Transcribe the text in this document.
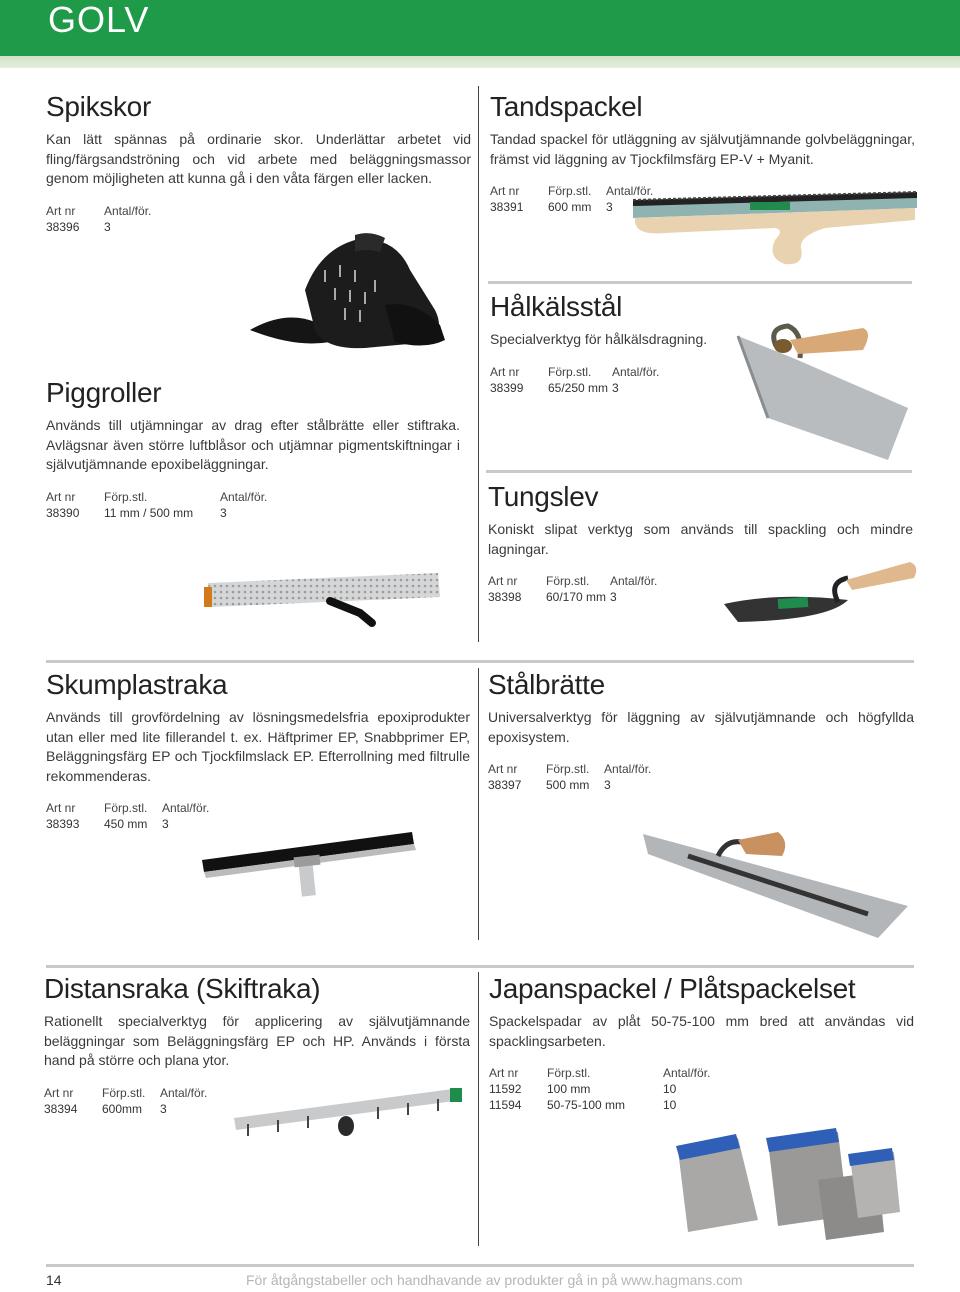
GOLV
Spikskor

Kan lätt spännas på ordinarie skor. Underlättar arbetet vid fling/färgsandströning och vid arbete med beläggningsmassor genom möjligheten att kunna gå i den våta färgen eller lacken.

Art nr Antal/för.
38396 3
Tandspackel

Tandad spackel för utläggning av självutjämnande golvbeläggningar, främst vid läggning av Tjockfilmsfärg EP-V + Myanit.

Art nr Förp.stl. Antal/för.
38391 600 mm 3
Hålkälsstål

Specialverktyg för hålkälsdragning.

Art nr Förp.stl. Antal/för.
38399 65/250 mm 3
Piggroller

Används till utjämningar av drag efter stålbrätte eller stiftraka. Avlägsnar även större luftblåsor och utjämnar pigmentskiftningar i självutjämnande epoxibeläggningar.

Art nr Förp.stl.	Antal/för.
38390 11 mm / 500 mm 3
Tungslev

Koniskt slipat verktyg som används till spackling och mindre lagningar.

Art nr Förp.stl. Antal/för.
38398 60/170 mm 3
Skumplastraka

Används till grovfördelning av lösningsmedelsfria epoxiprodukter utan eller med lite fillerandel t. ex. Häftprimer EP, Snabbprimer EP, Beläggningsfärg EP och Tjockfilmslack EP. Efterrollning med filtrulle rekommenderas.

Art nr Förp.stl. Antal/för.
38393 450 mm 3
Stålbrätte

Universalverktyg för läggning av självutjämnande och högfyllda epoxisystem.

Art nr Förp.stl. Antal/för.
38397 500 mm 3
Distansraka (Skiftraka)

Rationellt specialverktyg för applicering av självutjämnande beläggningar som Beläggningsfärg EP och HP. Används i första hand på större och plana ytor.

Art nr Förp.stl. Antal/för.
38394 600mm 3
Japanspackel / Plåtspackelset

Spackelspadar av plåt 50-75-100 mm bred att användas vid spacklingsarbeten.

Art nr Förp.stl.	Antal/för.
11592 100 mm	10
11594 50-75-100 mm	10
14	För åtgångstabeller och handhavande av produkter gå in på www.hagmans.com
